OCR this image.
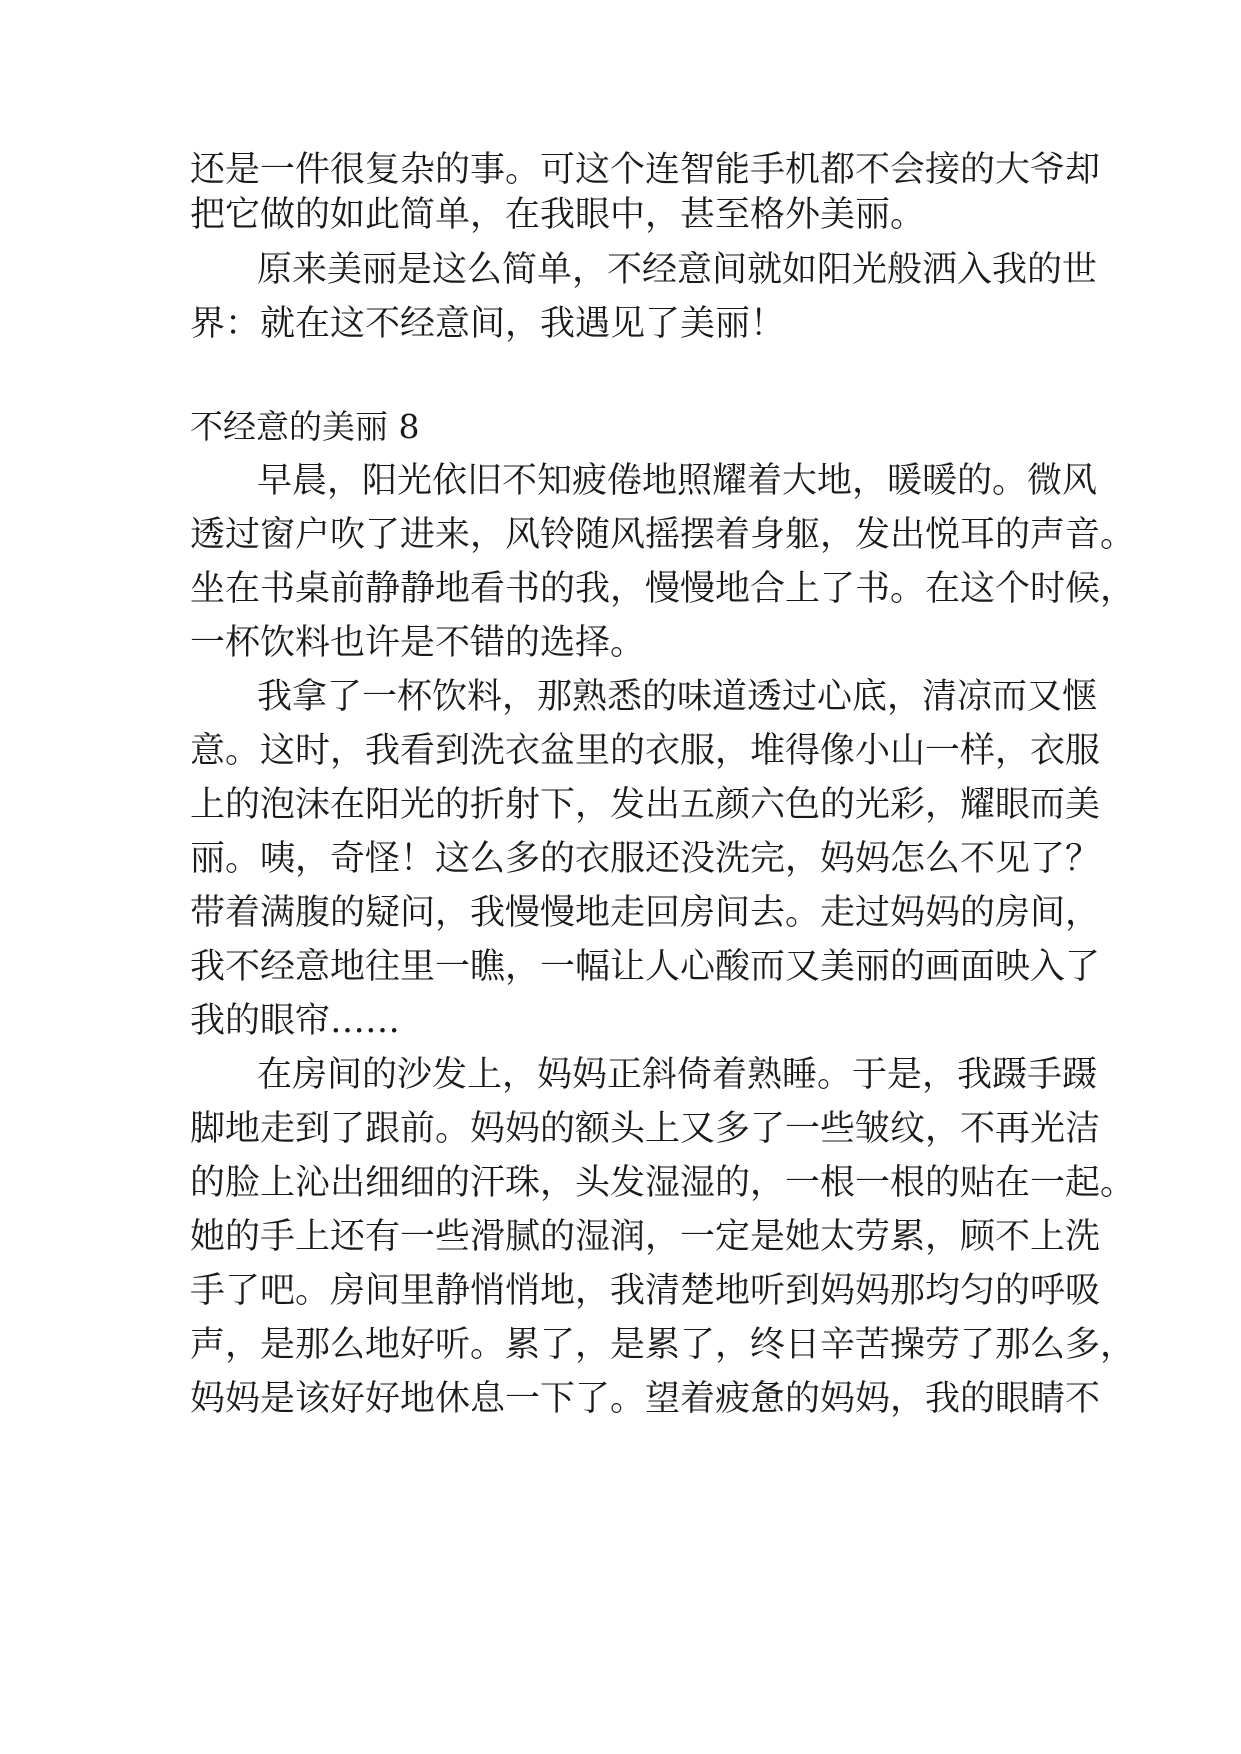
还是一件很复杂的事。可这个连智能手机都不会接的大爷却
把它做的如此简单，在我眼中，甚至格外美丽。
原来美丽是这么简单，不经意间就如阳光般洒入我的世
界：就在这不经意间，我遇见了美丽！
不经意的美丽 8
早晨，阳光依旧不知疲倦地照耀着大地，暖暖的。微风
透过窗户吹了进来，风铃随风摇摆着身躯，发出悦耳的声音。
坐在书桌前静静地看书的我，慢慢地合上了书。在这个时候，
一杯饮料也许是不错的选择。
我拿了一杯饮料，那熟悉的味道透过心底，清凉而又惬
意。这时，我看到洗衣盆里的衣服，堆得像小山一样，衣服
上的泡沫在阳光的折射下，发出五颜六色的光彩，耀眼而美
丽。咦，奇怪！这么多的衣服还没洗完，妈妈怎么不见了？
带着满腹的疑问，我慢慢地走回房间去。走过妈妈的房间，
我不经意地往里一瞧，一幅让人心酸而又美丽的画面映入了
我的眼帘……
在房间的沙发上，妈妈正斜倚着熟睡。于是，我蹑手蹑
脚地走到了跟前。妈妈的额头上又多了一些皱纹，不再光洁
的脸上沁出细细的汗珠，头发湿湿的，一根一根的贴在一起。
她的手上还有一些滑腻的湿润，一定是她太劳累，顾不上洗
手了吧。房间里静悄悄地，我清楚地听到妈妈那均匀的呼吸
声，是那么地好听。累了，是累了，终日辛苦操劳了那么多，
妈妈是该好好地休息一下了。望着疲惫的妈妈，我的眼睛不
